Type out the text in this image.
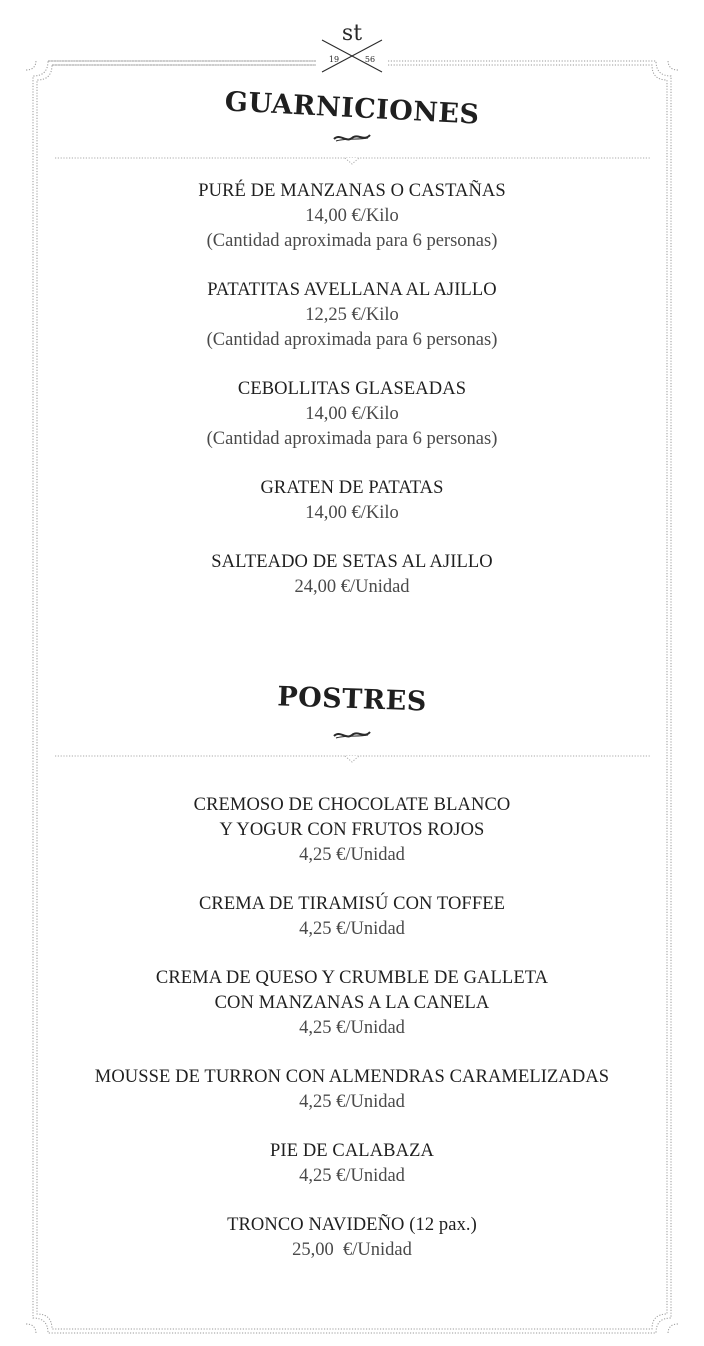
st
19	56
GUARNICIONES
PURÉ DE MANZANAS O CASTAÑAS
14,00 €/Kilo
(Cantidad aproximada para 6 personas)
PATATITAS AVELLANA AL AJILLO
12,25 €/Kilo
(Cantidad aproximada para 6 personas)
CEBOLLITAS GLASEADAS
14,00 €/Kilo
(Cantidad aproximada para 6 personas)
GRATEN DE PATATAS
14,00 €/Kilo
SALTEADO DE SETAS AL AJILLO
24,00 €/Unidad
POSTRES
CREMOSO DE CHOCOLATE BLANCO
Y YOGUR CON FRUTOS ROJOS
4,25 €/Unidad
CREMA DE TIRAMISÚ CON TOFFEE
4,25 €/Unidad
CREMA DE QUESO Y CRUMBLE DE GALLETA
CON MANZANAS A LA CANELA
4,25 €/Unidad
MOUSSE DE TURRON CON ALMENDRAS CARAMELIZADAS
4,25 €/Unidad
PIE DE CALABAZA
4,25 €/Unidad
TRONCO NAVIDEÑO (12 pax.)
25,00  €/Unidad
